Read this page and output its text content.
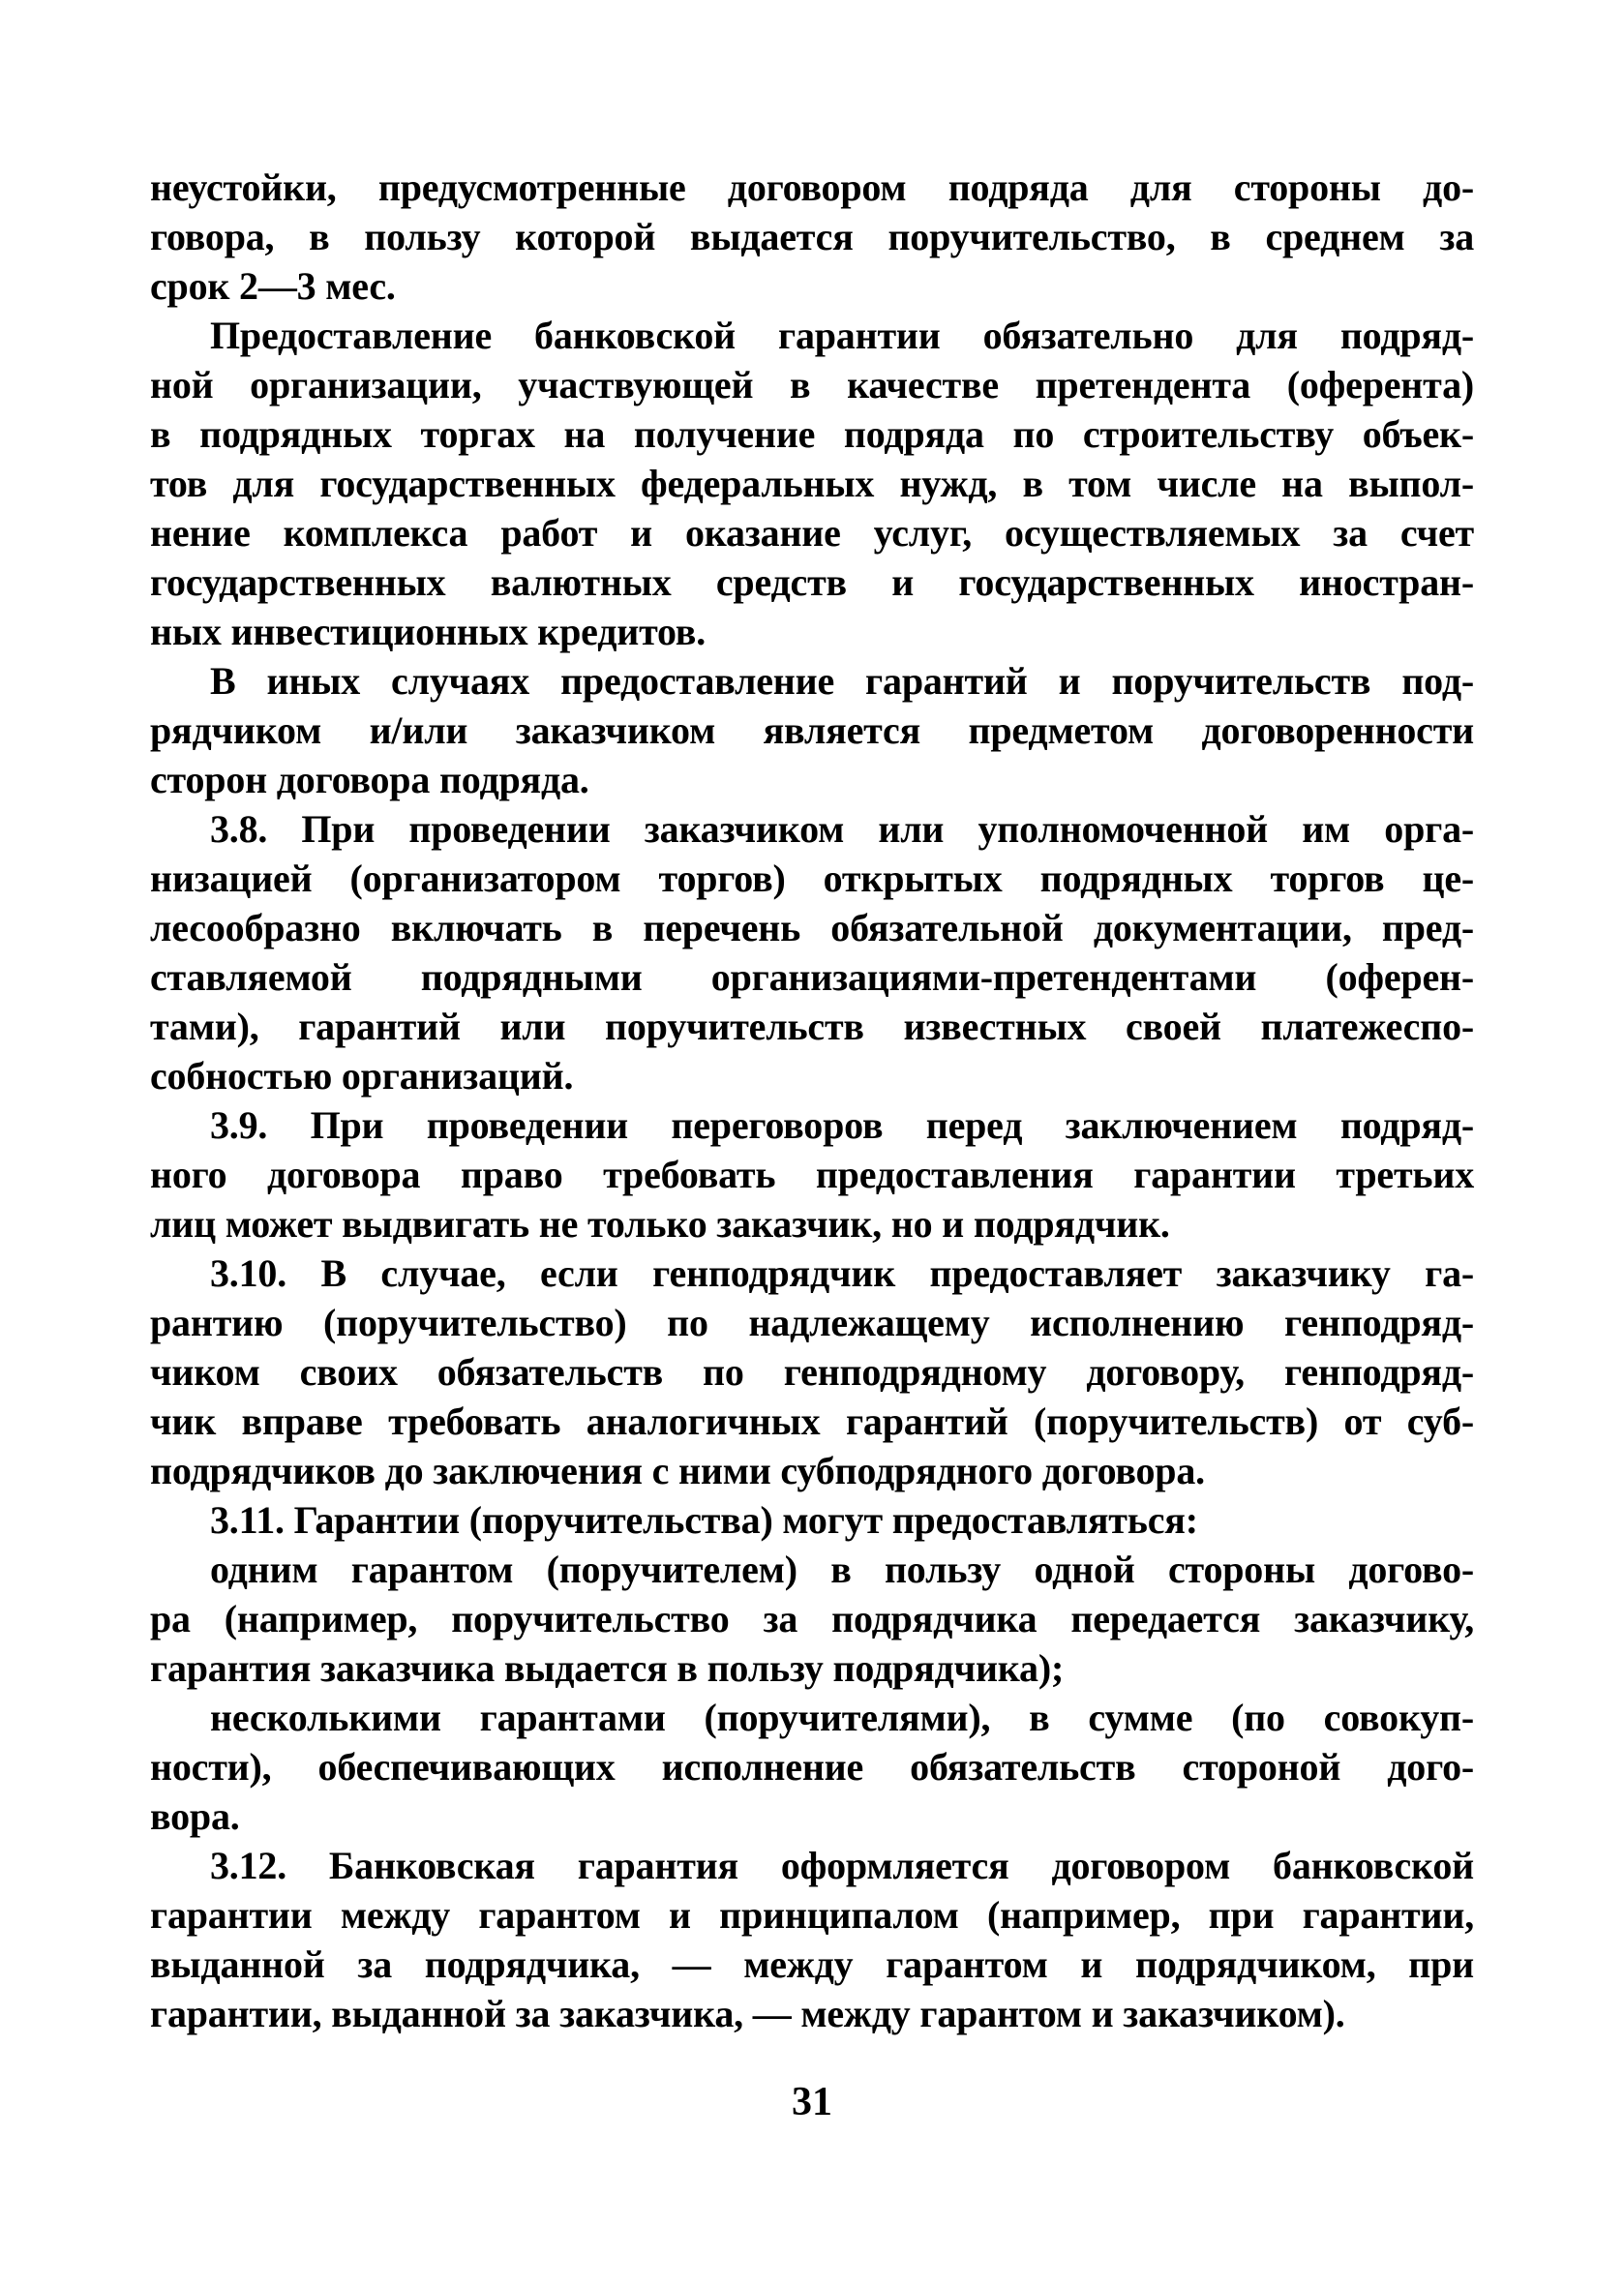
неустойки, предусмотренные договором подряда для стороны до-
говора, в пользу которой выдается поручительство, в среднем за
срок 2—3 мес.
Предоставление банковской гарантии обязательно для подряд-
ной организации, участвующей в качестве претендента (оферента)
в подрядных торгах на получение подряда по строительству объек-
тов для государственных федеральных нужд, в том числе на выпол-
нение комплекса работ и оказание услуг, осуществляемых за счет
государственных валютных средств и государственных иностран-
ных инвестиционных кредитов.
В иных случаях предоставление гарантий и поручительств под-
рядчиком и/или заказчиком является предметом договоренности
сторон договора подряда.
3.8. При проведении заказчиком или уполномоченной им орга-
низацией (организатором торгов) открытых подрядных торгов це-
лесообразно включать в перечень обязательной документации, пред-
ставляемой подрядными организациями-претендентами (оферен-
тами), гарантий или поручительств известных своей платежеспо-
собностью организаций.
3.9. При проведении переговоров перед заключением подряд-
ного договора право требовать предоставления гарантии третьих
лиц может выдвигать не только заказчик, но и подрядчик.
3.10. В случае, если генподрядчик предоставляет заказчику га-
рантию (поручительство) по надлежащему исполнению генподряд-
чиком своих обязательств по генподрядному договору, генподряд-
чик вправе требовать аналогичных гарантий (поручительств) от суб-
подрядчиков до заключения с ними субподрядного договора.
3.11. Гарантии (поручительства) могут предоставляться:
одним гарантом (поручителем) в пользу одной стороны догово-
ра (например, поручительство за подрядчика передается заказчику,
гарантия заказчика выдается в пользу подрядчика);
несколькими гарантами (поручителями), в сумме (по совокуп-
ности), обеспечивающих исполнение обязательств стороной дого-
вора.
3.12. Банковская гарантия оформляется договором банковской
гарантии между гарантом и принципалом (например, при гарантии,
выданной за подрядчика, — между гарантом и подрядчиком, при
гарантии, выданной за заказчика, — между гарантом и заказчиком).
31
